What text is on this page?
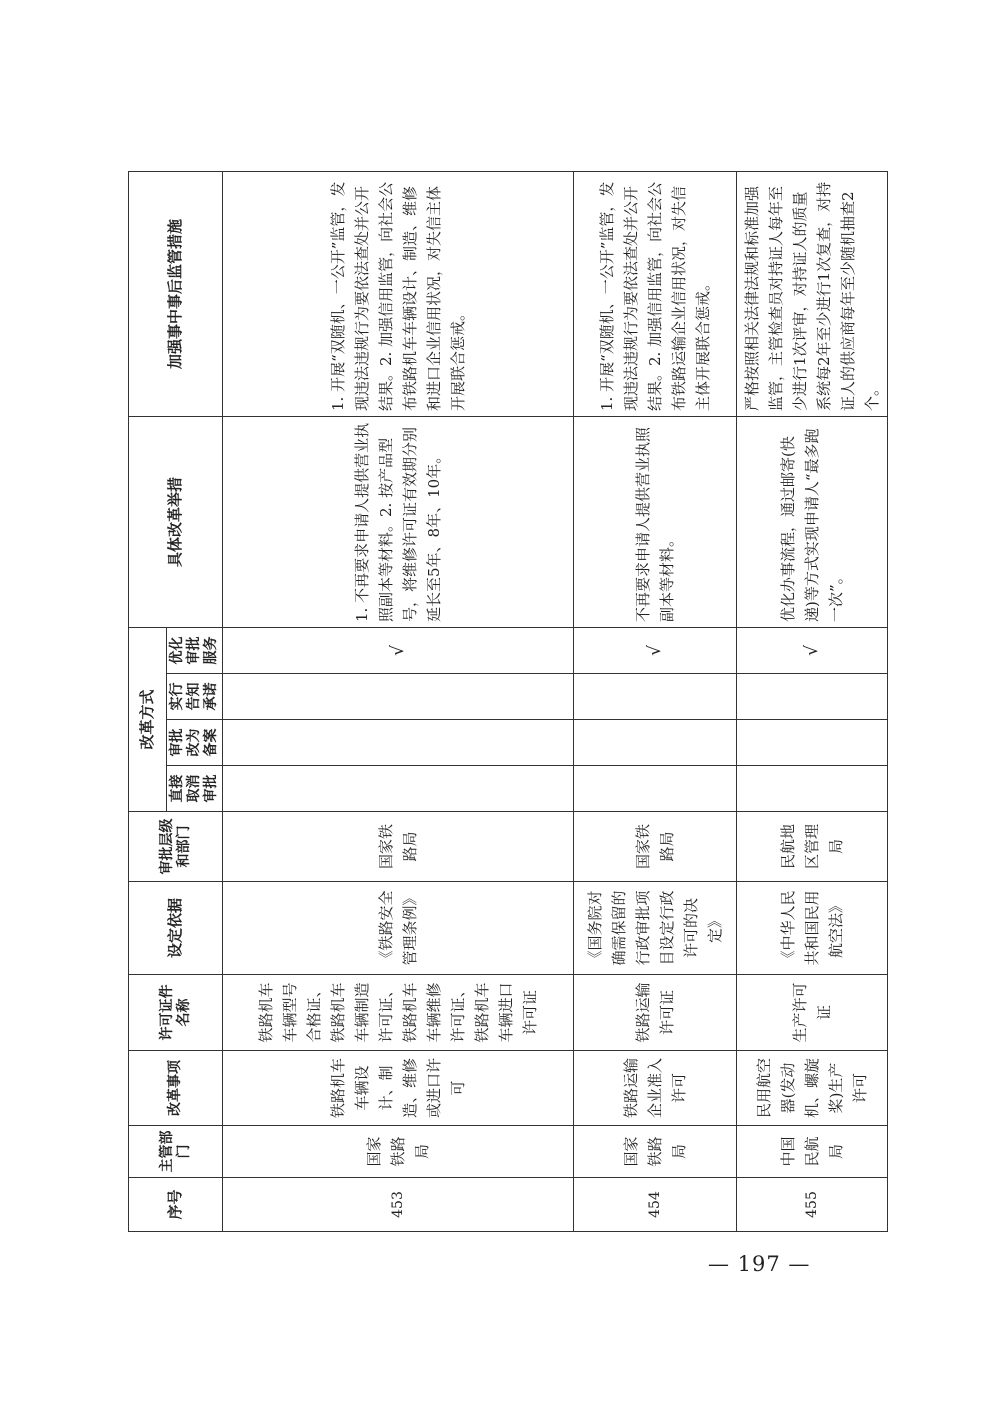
序号	主管部门	改革事项	许可证件名称	设定依据	审批层级和部门	改革方式				具体改革举措	加强事中事后监管措施
						直接取消审批	审批改为备案	实行告知承诺	优化审批服务		
453	国家铁路局	铁路机车车辆设计、制造、维修或进口许可	铁路机车车辆型号合格证、铁路机车车辆制造许可证、铁路机车车辆维修许可证、铁路机车车辆进口许可证	《铁路安全管理条例》	国家铁路局				√	1. 不再要求申请人提供营业执照副本等材料。2. 按产品型号，将维修许可证有效期分别延长至5年、8年、10年。	1. 开展“双随机、一公开”监管，发现违法违规行为要依法查处并公开结果。2. 加强信用监管，向社会公布铁路机车车辆设计、制造、维修和进口企业信用状况，对失信主体开展联合惩戒。
454	国家铁路局	铁路运输企业准入许可	铁路运输许可证	《国务院对确需保留的行政审批项目设定行政许可的决定》	国家铁路局				√	不再要求申请人提供营业执照副本等材料。	1. 开展“双随机、一公开”监管，发现违法违规行为要依法查处并公开结果。2. 加强信用监管，向社会公布铁路运输企业信用状况，对失信主体开展联合惩戒。
455	中国民航局	民用航空器(发动机、螺旋桨)生产许可	生产许可证	《中华人民共和国民用航空法》	民航地区管理局				√	优化办事流程，通过邮寄(快递)等方式实现申请人“最多跑一次”。	严格按照相关法律法规和标准加强监管，主管检查员对持证人每年至少进行1次评审，对持证人的质量系统每2年至少进行1次复查，对持证人的供应商每年至少随机抽查2个。
— 197 —
